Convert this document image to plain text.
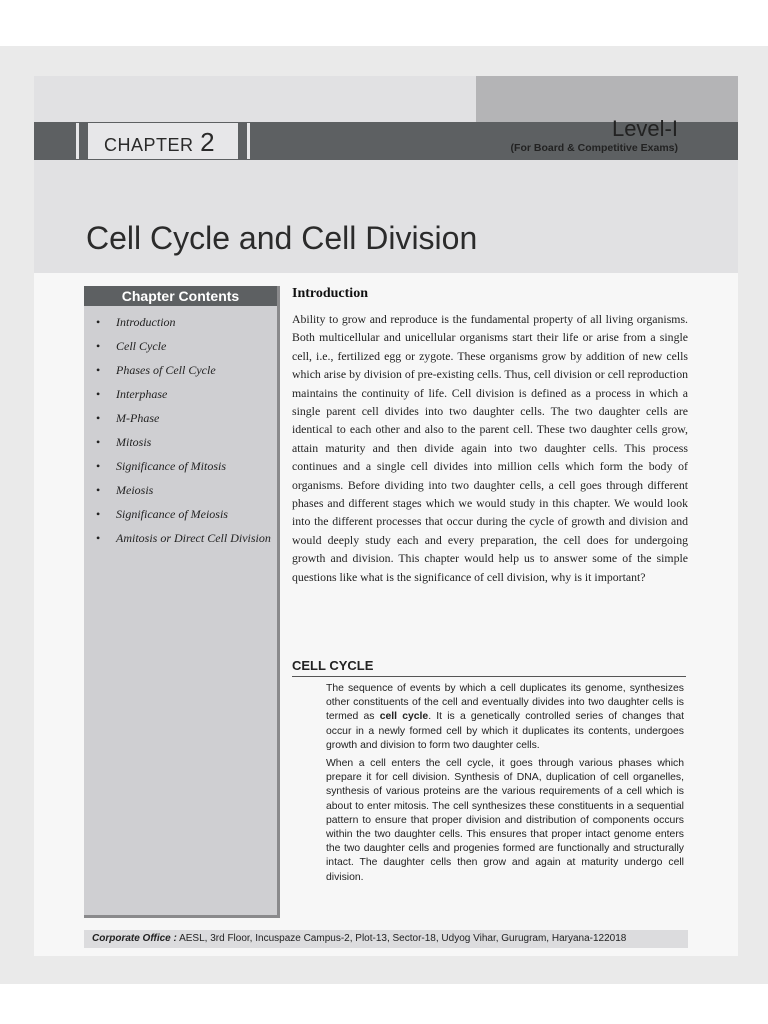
CHAPTER 2	Level-I
(For Board & Competitive Exams)
Cell Cycle and Cell Division
Chapter Contents
• Introduction
• Cell Cycle
• Phases of Cell Cycle
• Interphase
• M-Phase
• Mitosis
• Significance of Mitosis
• Meiosis
• Significance of Meiosis
• Amitosis or Direct Cell Division
Introduction
Ability to grow and reproduce is the fundamental property of all living organisms. Both multicellular and unicellular organisms start their life or arise from a single cell, i.e., fertilized egg or zygote. These organisms grow by addition of new cells which arise by division of pre-existing cells. Thus, cell division or cell reproduction maintains the continuity of life. Cell division is defined as a process in which a single parent cell divides into two daughter cells. The two daughter cells are identical to each other and also to the parent cell. These two daughter cells grow, attain maturity and then divide again into two daughter cells. This process continues and a single cell divides into million cells which form the body of organisms. Before dividing into two daughter cells, a cell goes through different phases and different stages which we would study in this chapter. We would look into the different processes that occur during the cycle of growth and division and would deeply study each and every preparation, the cell does for undergoing growth and division. This chapter would help us to answer some of the simple questions like what is the significance of cell division, why is it important?
CELL CYCLE

The sequence of events by which a cell duplicates its genome, synthesizes other constituents of the cell and eventually divides into two daughter cells is termed as cell cycle. It is a genetically controlled series of changes that occur in a newly formed cell by which it duplicates its contents, undergoes growth and division to form two daughter cells.

When a cell enters the cell cycle, it goes through various phases which prepare it for cell division. Synthesis of DNA, duplication of cell organelles, synthesis of various proteins are the various requirements of a cell which is about to enter mitosis. The cell synthesizes these constituents in a sequential pattern to ensure that proper division and distribution of components occurs within the two daughter cells. This ensures that proper intact genome enters the two daughter cells and progenies formed are functionally and structurally intact. The daughter cells then grow and again at maturity undergo cell division.

Corporate Office : AESL, 3rd Floor, Incuspaze Campus-2, Plot-13, Sector-18, Udyog Vihar, Gurugram, Haryana-122018
